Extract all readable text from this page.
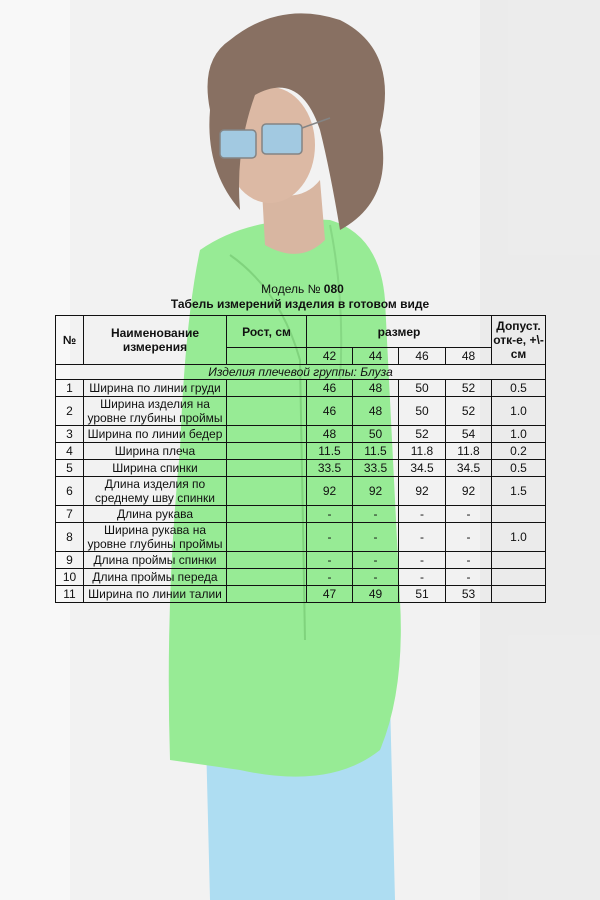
Модель № 080
Табель измерений изделия в готовом виде
№	Наименование измерения	Рост, см	размер				Допуст. отк-е, +\-см
			42	44	46	48	
Изделия плечевой группы: Блуза							
1	Ширина по линии груди		46	48	50	52	0.5
2	Ширина изделия на уровне глубины проймы		46	48	50	52	1.0
3	Ширина по линии бедер		48	50	52	54	1.0
4	Ширина плеча		11.5	11.5	11.8	11.8	0.2
5	Ширина спинки		33.5	33.5	34.5	34.5	0.5
6	Длина изделия по среднему шву спинки		92	92	92	92	1.5
7	Длина рукава		-	-	-	-	
8	Ширина рукава на уровне глубины проймы		-	-	-	-	1.0
9	Длина проймы спинки		-	-	-	-	
10	Длина проймы переда		-	-	-	-	
11	Ширина по линии талии		47	49	51	53	
